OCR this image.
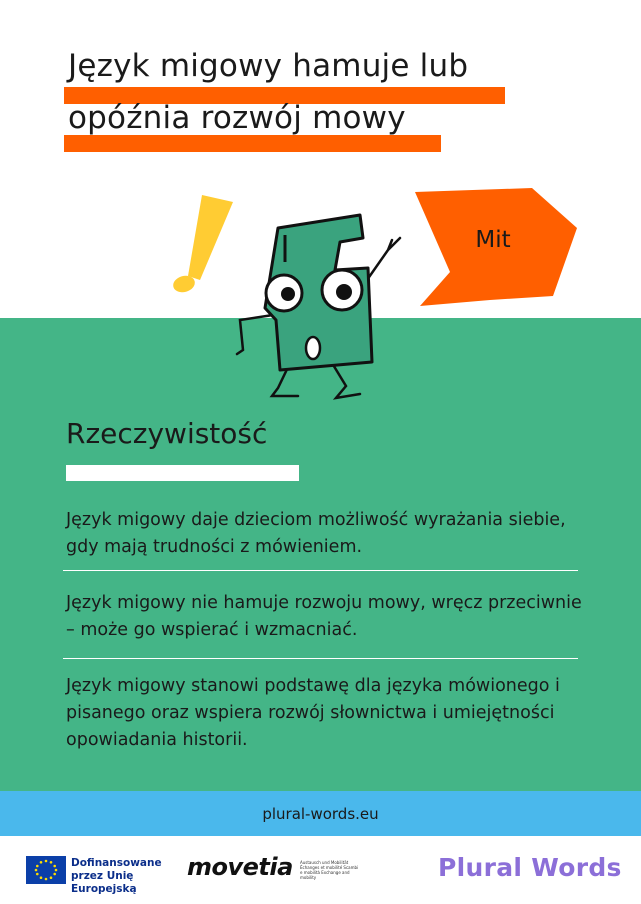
Język migowy hamuje lub
opóźnia rozwój mowy
Mit
Rzeczywistość
Język migowy daje dzieciom możliwość wyrażania siebie, gdy mają trudności z mówieniem.
Język migowy nie hamuje rozwoju mowy, wręcz przeciwnie – może go wspierać i wzmacniać.
Język migowy stanowi podstawę dla języka mówionego i pisanego oraz wspiera rozwój słownictwa i umiejętności opowiadania historii.
plural-words.eu
Dofinansowane przez Unię Europejską
movetia Austausch und Mobilität Échanges et mobilité Scambi e mobilità Exchange and mobility	Plural Words
